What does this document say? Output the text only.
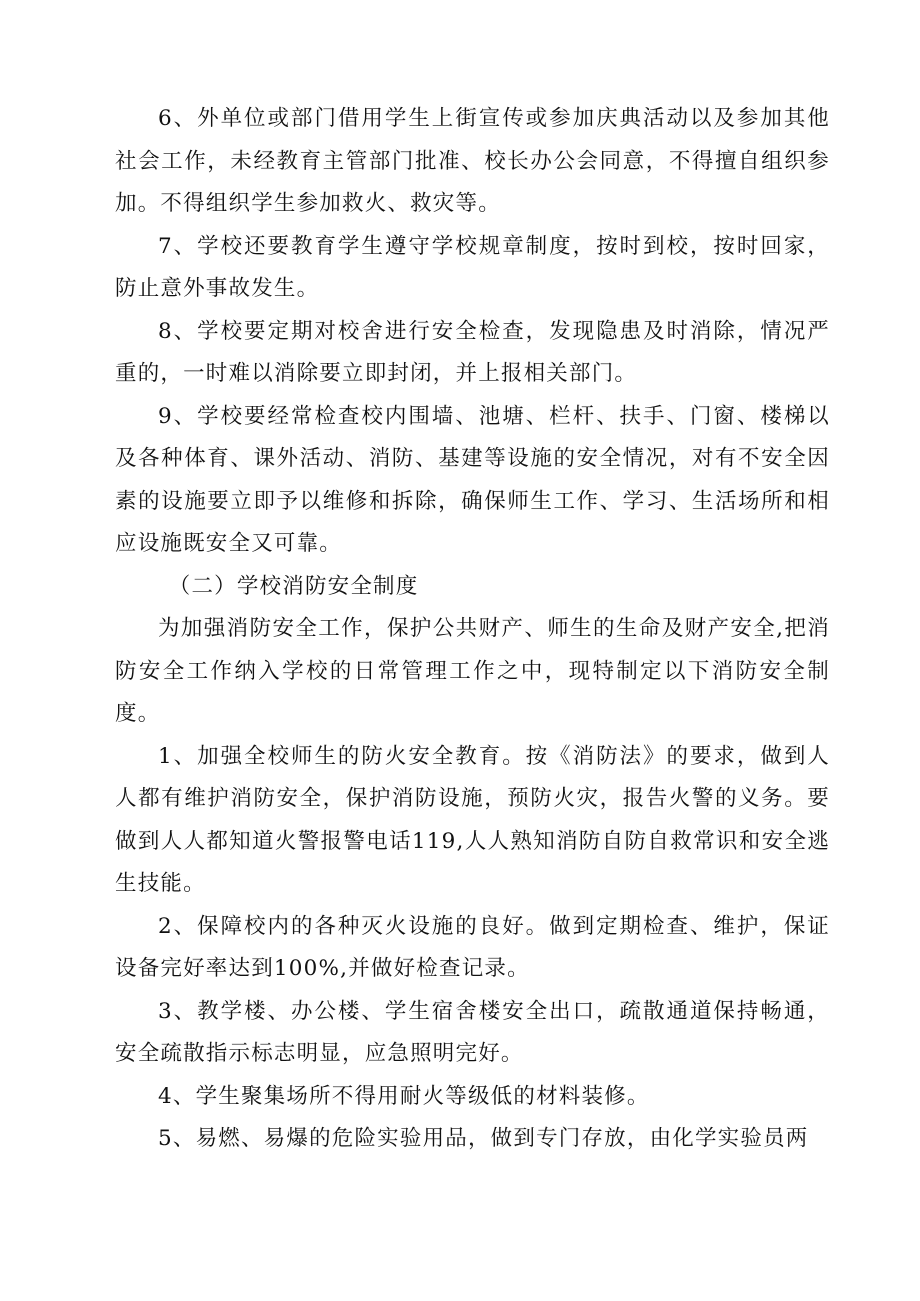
6、外单位或部门借用学生上街宣传或参加庆典活动以及参加其他社会工作，未经教育主管部门批准、校长办公会同意，不得擅自组织参加。不得组织学生参加救火、救灾等。

7、学校还要教育学生遵守学校规章制度，按时到校，按时回家，防止意外事故发生。

8、学校要定期对校舍进行安全检查，发现隐患及时消除，情况严重的，一时难以消除要立即封闭，并上报相关部门。

9、学校要经常检查校内围墙、池塘、栏杆、扶手、门窗、楼梯以及各种体育、课外活动、消防、基建等设施的安全情况，对有不安全因素的设施要立即予以维修和拆除，确保师生工作、学习、生活场所和相应设施既安全又可靠。

（二）学校消防安全制度

为加强消防安全工作，保护公共财产、师生的生命及财产安全,把消防安全工作纳入学校的日常管理工作之中，现特制定以下消防安全制度。

1、加强全校师生的防火安全教育。按《消防法》的要求，做到人人都有维护消防安全，保护消防设施，预防火灾，报告火警的义务。要做到人人都知道火警报警电话119,人人熟知消防自防自救常识和安全逃生技能。

2、保障校内的各种灭火设施的良好。做到定期检查、维护，保证设备完好率达到100%,并做好检查记录。

3、教学楼、办公楼、学生宿舍楼安全出口，疏散通道保持畅通，安全疏散指示标志明显，应急照明完好。

4、学生聚集场所不得用耐火等级低的材料装修。

5、易燃、易爆的危险实验用品，做到专门存放，由化学实验员两
